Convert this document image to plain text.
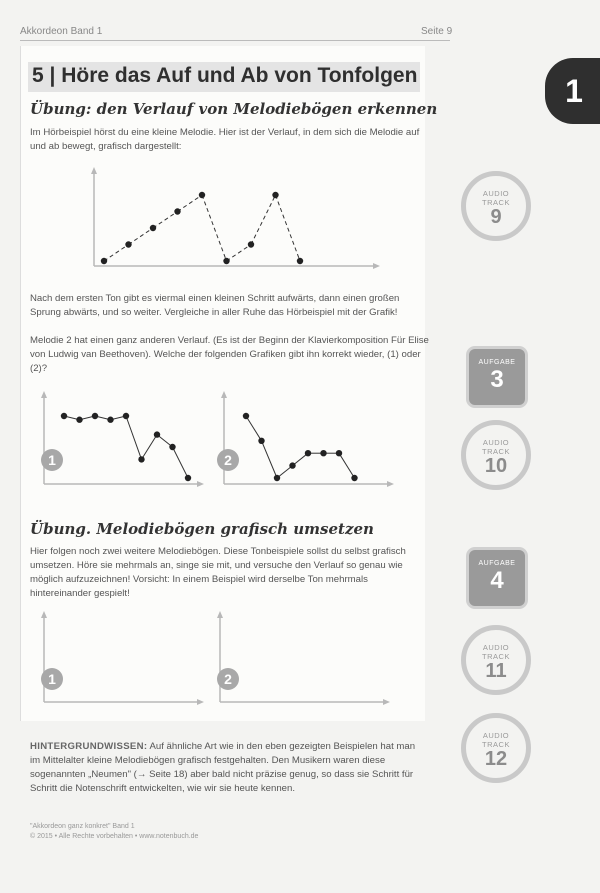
Akkordeon Band 1	Seite 9
1
5 | Höre das Auf und Ab von Tonfolgen
Übung: den Verlauf von Melodiebögen erkennen

Im Hörbeispiel hörst du eine kleine Melodie. Hier ist der Verlauf, in dem sich die Melodie auf und ab bewegt, grafisch dargestellt:

Nach dem ersten Ton gibt es viermal einen kleinen Schritt aufwärts, dann einen großen Sprung abwärts, und so weiter. Vergleiche in aller Ruhe das Hörbeispiel mit der Grafik!

Melodie 2 hat einen ganz anderen Verlauf. (Es ist der Beginn der Klavierkomposition Für Elise von Ludwig van Beethoven). Welche der folgenden Grafiken gibt ihn korrekt wieder, (1) oder (2)?

1	2
Übung. Melodiebögen grafisch umsetzen

Hier folgen noch zwei weitere Melodiebögen. Diese Tonbeispiele sollst du selbst grafisch umsetzen. Höre sie mehrmals an, singe sie mit, und versuche den Verlauf so genau wie möglich aufzuzeichnen! Vorsicht: In einem Beispiel wird derselbe Ton mehrmals hintereinander gespielt!

1	2

HINTERGRUNDWISSEN: Auf ähnliche Art wie in den eben gezeigten Beispielen hat man im Mittelalter kleine Melodiebögen grafisch festgehalten. Den Musikern waren diese sogenannten „Neumen" (→ Seite 18) aber bald nicht präzise genug, so dass sie Schritt für Schritt die Notenschrift entwickelten, wie wir sie heute kennen.

"Akkordeon ganz konkret" Band 1
© 2015 • Alle Rechte vorbehalten • www.notenbuch.de
AUDIO
TRACK
9
AUFGABE
3
AUDIO
TRACK
10
AUFGABE
4
AUDIO
TRACK
11
AUDIO
TRACK
12
